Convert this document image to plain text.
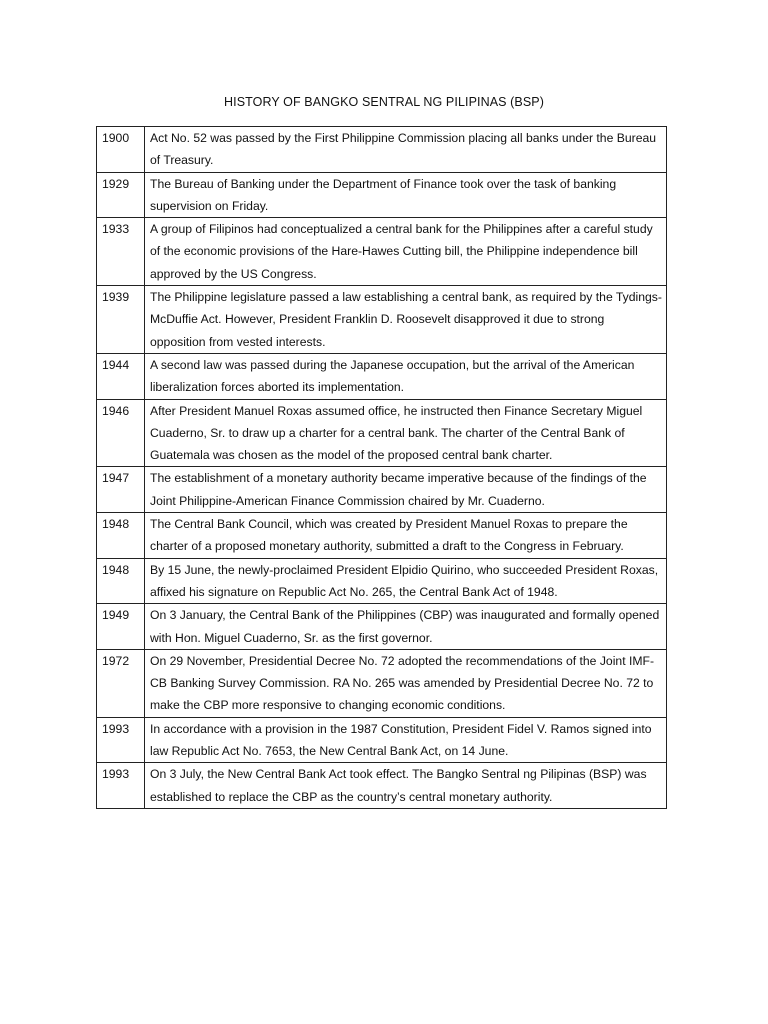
HISTORY OF BANGKO SENTRAL NG PILIPINAS (BSP)
1900	Act No. 52 was passed by the First Philippine Commission placing all banks under the Bureau of Treasury.
1929	The Bureau of Banking under the Department of Finance took over the task of banking supervision on Friday.
1933	A group of Filipinos had conceptualized a central bank for the Philippines after a careful study of the economic provisions of the Hare-Hawes Cutting bill, the Philippine independence bill approved by the US Congress.
1939	The Philippine legislature passed a law establishing a central bank, as required by the Tydings-McDuffie Act. However, President Franklin D. Roosevelt disapproved it due to strong opposition from vested interests.
1944	A second law was passed during the Japanese occupation, but the arrival of the American liberalization forces aborted its implementation.
1946	After President Manuel Roxas assumed office, he instructed then Finance Secretary Miguel Cuaderno, Sr. to draw up a charter for a central bank. The charter of the Central Bank of Guatemala was chosen as the model of the proposed central bank charter.
1947	The establishment of a monetary authority became imperative because of the findings of the Joint Philippine-American Finance Commission chaired by Mr. Cuaderno.
1948	The Central Bank Council, which was created by President Manuel Roxas to prepare the charter of a proposed monetary authority, submitted a draft to the Congress in February.
1948	By 15 June, the newly-proclaimed President Elpidio Quirino, who succeeded President Roxas, affixed his signature on Republic Act No. 265, the Central Bank Act of 1948.
1949	On 3 January, the Central Bank of the Philippines (CBP) was inaugurated and formally opened with Hon. Miguel Cuaderno, Sr. as the first governor.
1972	On 29 November, Presidential Decree No. 72 adopted the recommendations of the Joint IMF-CB Banking Survey Commission. RA No. 265 was amended by Presidential Decree No. 72 to make the CBP more responsive to changing economic conditions.
1993	In accordance with a provision in the 1987 Constitution, President Fidel V. Ramos signed into law Republic Act No. 7653, the New Central Bank Act, on 14 June.
1993	On 3 July, the New Central Bank Act took effect. The Bangko Sentral ng Pilipinas (BSP) was established to replace the CBP as the country’s central monetary authority.
